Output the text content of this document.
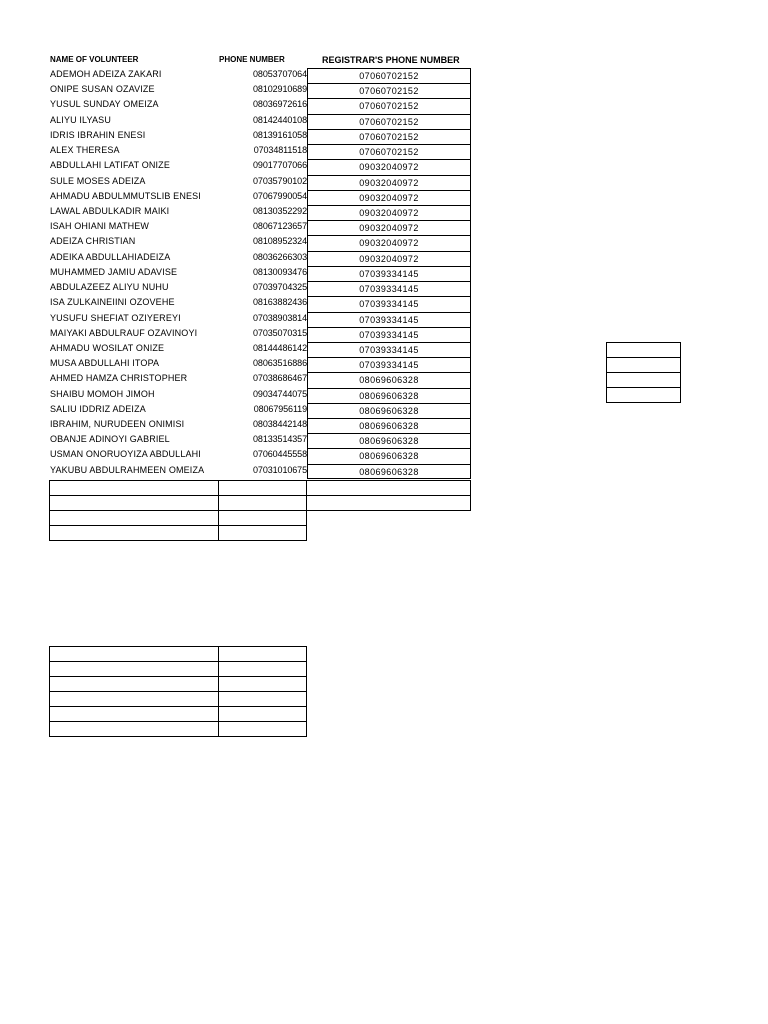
NAME OF VOLUNTEER	PHONE NUMBER	REGISTRAR'S PHONE NUMBER
ADEMOH ADEIZA ZAKARI	08053707064	07060702152
ONIPE SUSAN OZAVIZE	08102910689	07060702152
YUSUL SUNDAY OMEIZA	08036972616	07060702152
ALIYU ILYASU	08142440108	07060702152
IDRIS IBRAHIN ENESI	08139161058	07060702152
ALEX THERESA	07034811518	07060702152
ABDULLAHI LATIFAT ONIZE	09017707066	09032040972
SULE MOSES ADEIZA	07035790102	09032040972
AHMADU ABDULMMUTSLIB ENESI	07067990054	09032040972
LAWAL ABDULKADIR MAIKI	08130352292	09032040972
ISAH OHIANI MATHEW	08067123657	09032040972
ADEIZA CHRISTIAN	08108952324	09032040972
ADEIKA ABDULLAHIADEIZA	08036266303	09032040972
MUHAMMED JAMIU ADAVISE	08130093476	07039334145
ABDULAZEEZ ALIYU NUHU	07039704325	07039334145
ISA ZULKAINEIINI OZOVEHE	08163882436	07039334145
YUSUFU SHEFIAT OZIYEREYI	07038903814	07039334145
MAIYAKI ABDULRAUF OZAVINOYI	07035070315	07039334145
AHMADU WOSILAT ONIZE	08144486142	07039334145
MUSA ABDULLAHI ITOPA	08063516886	07039334145
AHMED HAMZA CHRISTOPHER	07038686467	08069606328
SHAIBU MOMOH JIMOH	09034744075	08069606328
SALIU IDDRIZ ADEIZA	08067956119	08069606328
IBRAHIM, NURUDEEN ONIMISI	08038442148	08069606328
OBANJE ADINOYI GABRIEL	08133514357	08069606328
USMAN ONORUOYIZA ABDULLAHI	07060445558	08069606328
YAKUBU ABDULRAHMEEN OMEIZA	07031010675	08069606328
